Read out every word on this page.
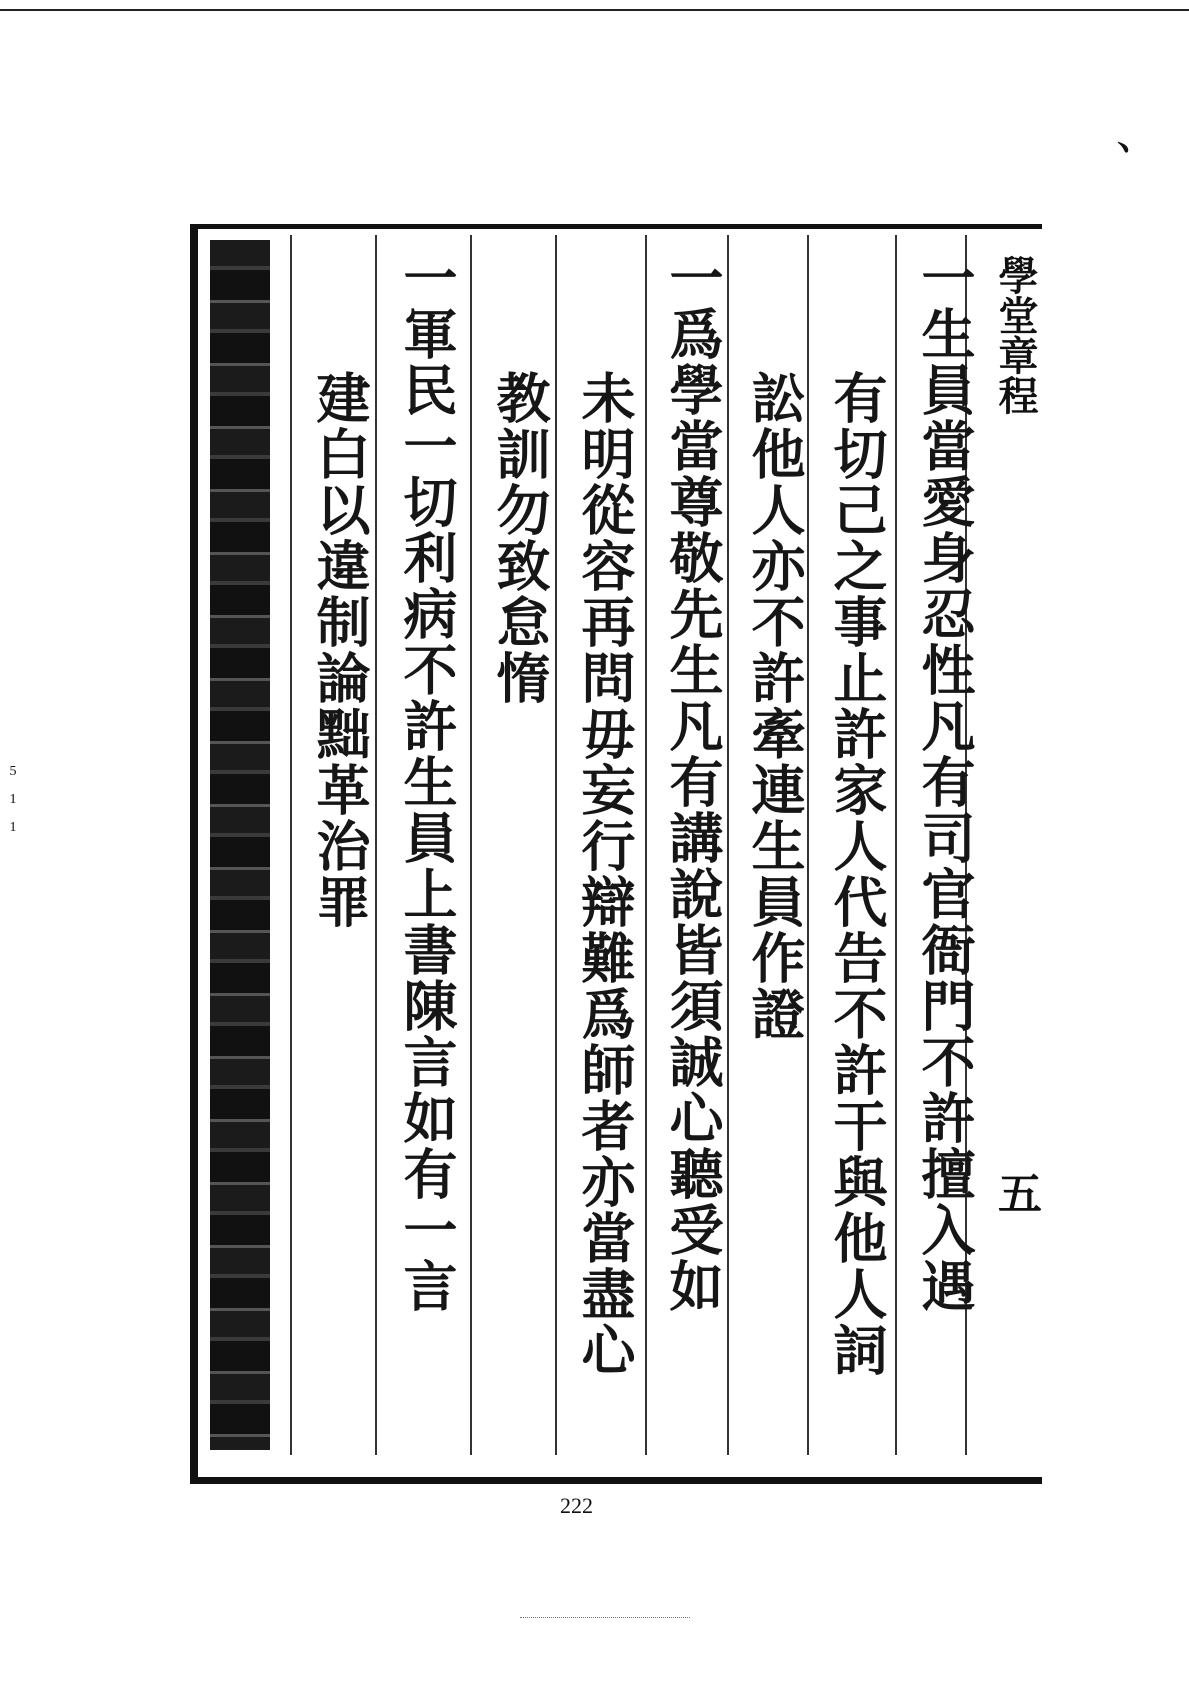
﹅
學堂章程
五
一生員當愛身忍性凡有司官衙門不許擅入遇
有切己之事止許家人代告不許干與他人詞
訟他人亦不許牽連生員作證
一爲學當尊敬先生凡有講說皆須誠心聽受如
未明從容再問毋妄行辯難爲師者亦當盡心
教訓勿致怠惰
一軍民一切利病不許生員上書陳言如有一言
建白以違制論黜革治罪
222
5
1
1
